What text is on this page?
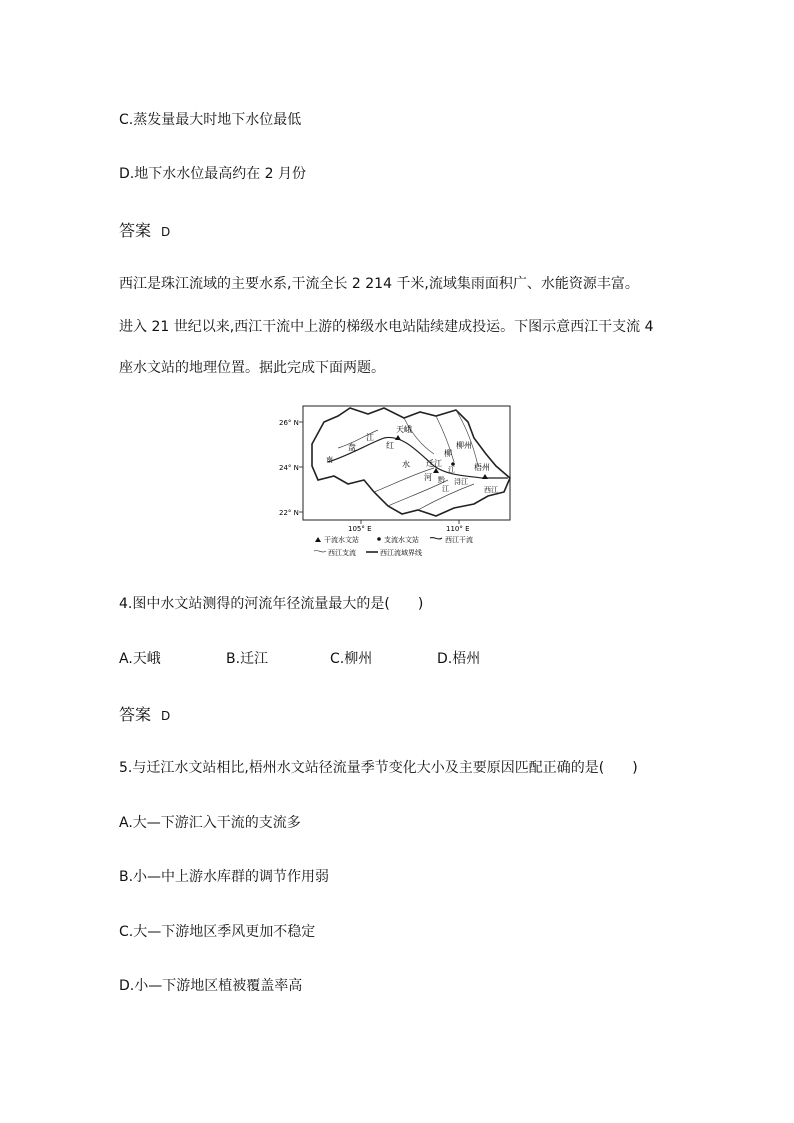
C.蒸发量最大时地下水位最低
D.地下水水位最高约在 2 月份
答案 D
西江是珠江流域的主要水系,干流全长 2 214 千米,流域集雨面积广、水能资源丰富。
进入 21 世纪以来,西江干流中上游的梯级水电站陆续建成投运。下图示意西江干支流 4
座水文站的地理位置。据此完成下面两题。
26° N
24° N
22° N
105° E	110° E
天峨
迁江
柳州
梧州
南
盘
江
红
水
河
柳
江
黔
江
浔江
西江
干流水文站	支流水文站	西江干流
西江支流	西江流域界线
4.图中水文站测得的河流年径流量最大的是(　　)
A.天峨	B.迁江	C.柳州	D.梧州
答案 D
5.与迁江水文站相比,梧州水文站径流量季节变化大小及主要原因匹配正确的是(　　)
A.大—下游汇入干流的支流多
B.小—中上游水库群的调节作用弱
C.大—下游地区季风更加不稳定
D.小—下游地区植被覆盖率高
